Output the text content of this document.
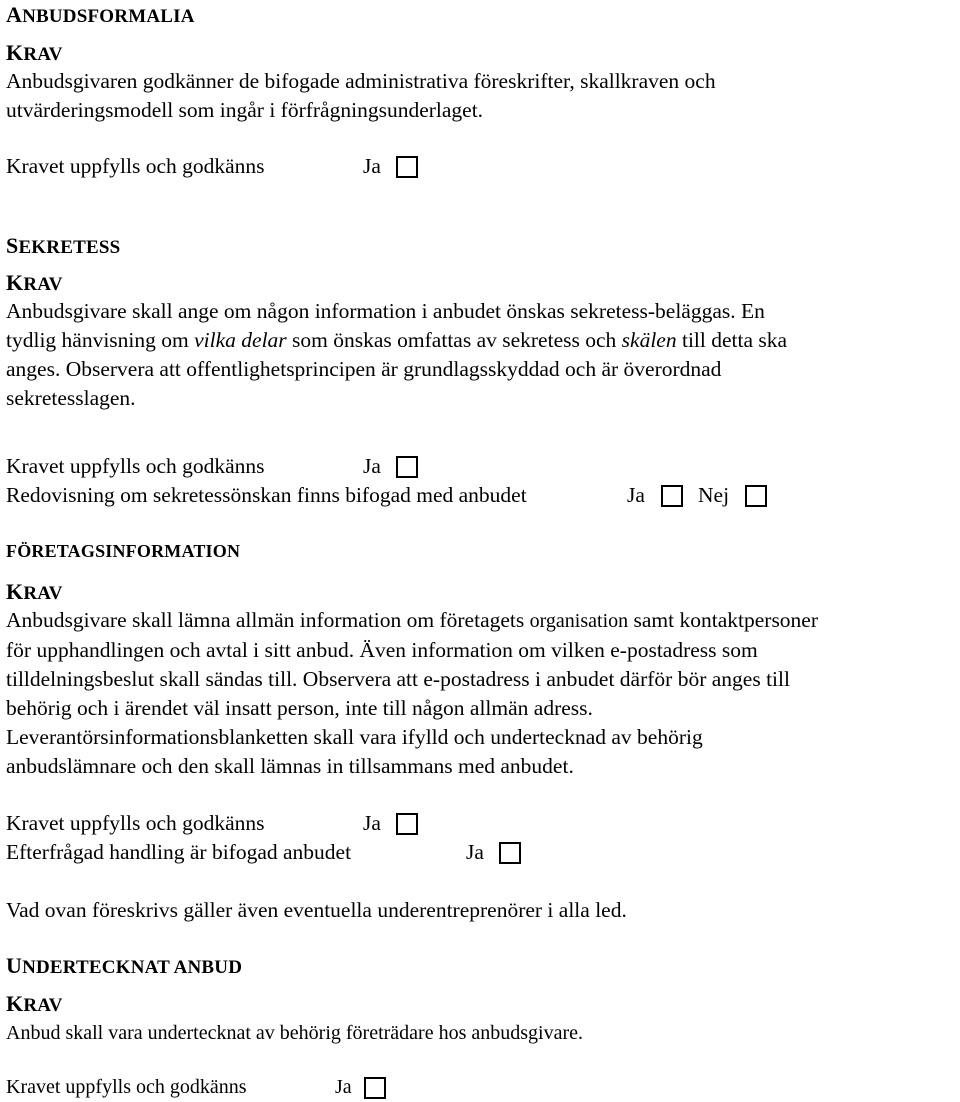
ANBUDSFORMALIA
KRAV
Anbudsgivaren godkänner de bifogade administrativa föreskrifter, skallkraven och
utvärderingsmodell som ingår i förfrågningsunderlaget.
Kravet uppfylls och godkänns	Ja
SEKRETESS
KRAV
Anbudsgivare skall ange om någon information i anbudet önskas sekretess-beläggas. En
tydlig hänvisning om vilka delar som önskas omfattas av sekretess och skälen till detta ska
anges. Observera att offentlighetsprincipen är grundlagsskyddad och är överordnad
sekretesslagen.
Kravet uppfylls och godkänns	Ja
Redovisning om sekretessönskan finns bifogad med anbudet	Ja Nej
FÖRETAGSINFORMATION
KRAV
Anbudsgivare skall lämna allmän information om företagets organisation samt kontaktpersoner
för upphandlingen och avtal i sitt anbud. Även information om vilken e-postadress som
tilldelningsbeslut skall sändas till. Observera att e-postadress i anbudet därför bör anges till
behörig och i ärendet väl insatt person, inte till någon allmän adress.
Leverantörsinformationsblanketten skall vara ifylld och undertecknad av behörig
anbudslämnare och den skall lämnas in tillsammans med anbudet.
Kravet uppfylls och godkänns	Ja
Efterfrågad handling är bifogad anbudet	Ja
Vad ovan föreskrivs gäller även eventuella underentreprenörer i alla led.
UNDERTECKNAT ANBUD
KRAV
Anbud skall vara undertecknat av behörig företrädare hos anbudsgivare.
Kravet uppfylls och godkänns	Ja
